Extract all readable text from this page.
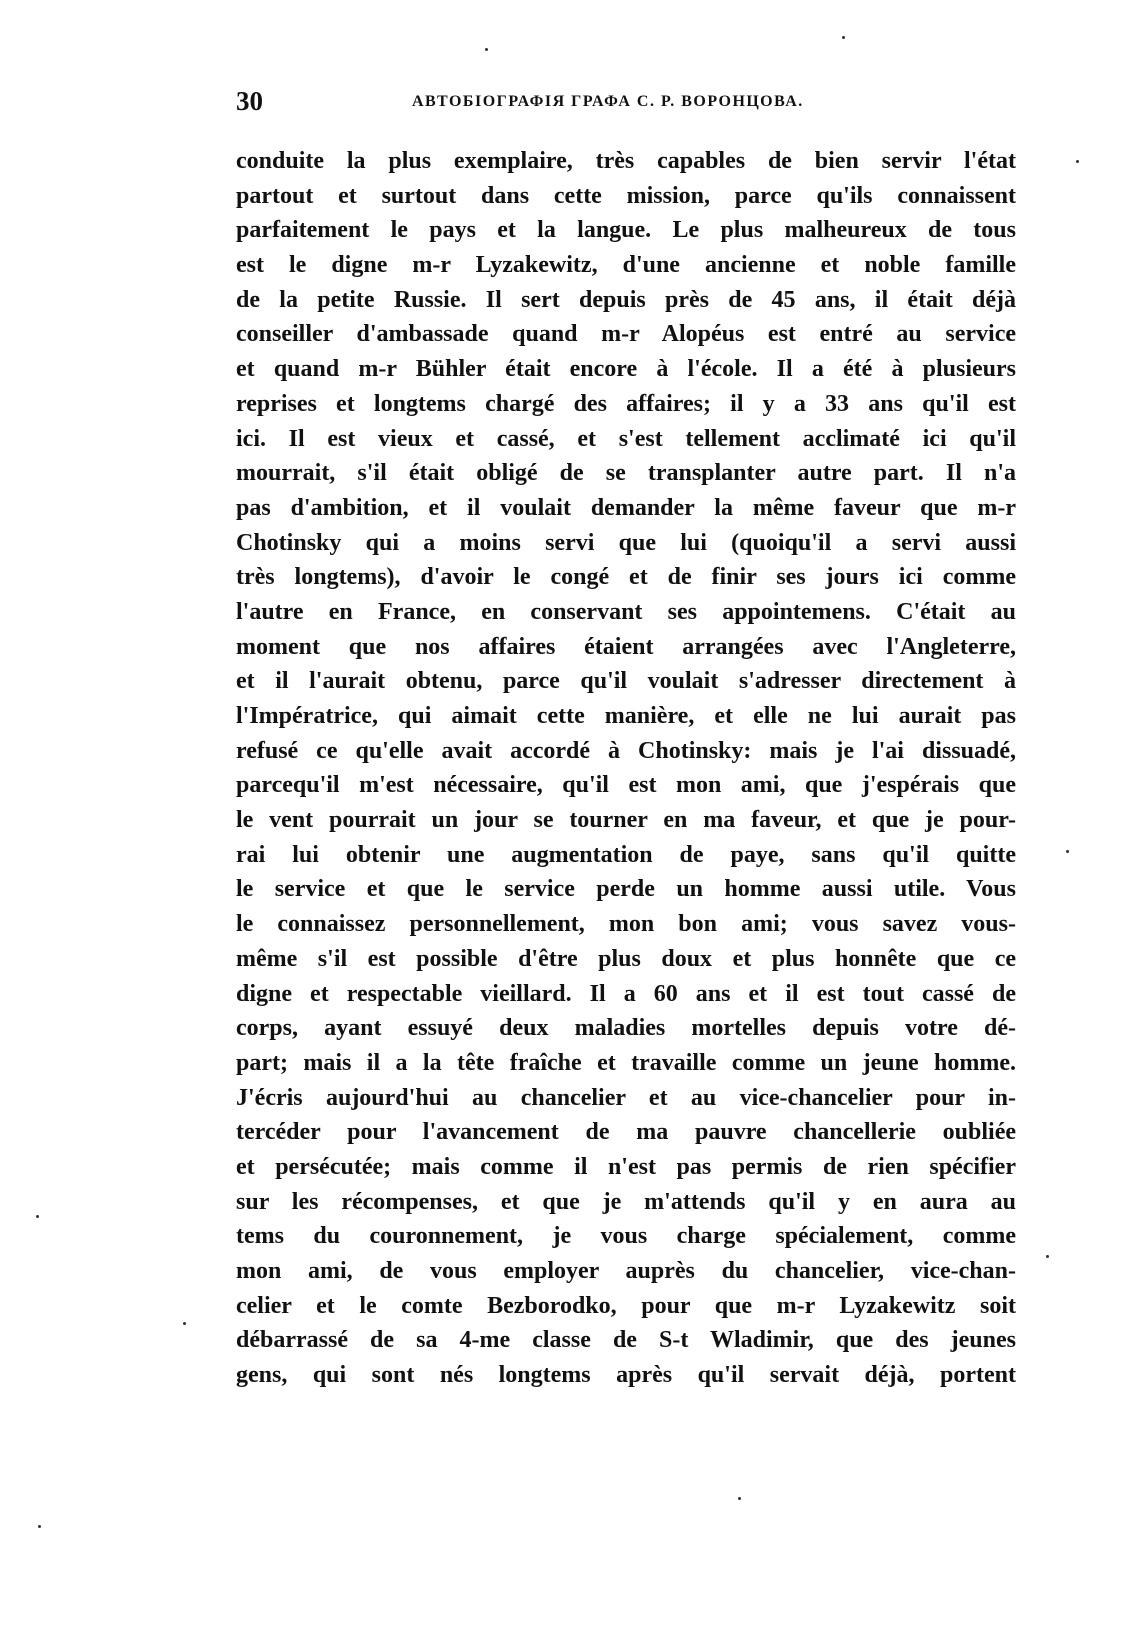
30	АВТОБIОГРАФIЯ ГРАФА С. Р. ВОРОНЦОВА.
conduite la plus exemplaire, très capables de bien servir l'état
partout et surtout dans cette mission, parce qu'ils connaissent
parfaitement le pays et la langue. Le plus malheureux de tous
est le digne m-r Lyzakewitz, d'une ancienne et noble famille
de la petite Russie. Il sert depuis près de 45 ans, il était déjà
conseiller d'ambassade quand m-r Alopéus est entré au service
et quand m-r Bühler était encore à l'école. Il a été à plusieurs
reprises et longtems chargé des affaires; il y a 33 ans qu'il est
ici. Il est vieux et cassé, et s'est tellement acclimaté ici qu'il
mourrait, s'il était obligé de se transplanter autre part. Il n'a
pas d'ambition, et il voulait demander la même faveur que m-r
Chotinsky qui a moins servi que lui (quoiqu'il a servi aussi
très longtems), d'avoir le congé et de finir ses jours ici comme
l'autre en France, en conservant ses appointemens. C'était au
moment que nos affaires étaient arrangées avec l'Angleterre,
et il l'aurait obtenu, parce qu'il voulait s'adresser directement à
l'Impératrice, qui aimait cette manière, et elle ne lui aurait pas
refusé ce qu'elle avait accordé à Chotinsky: mais je l'ai dissuadé,
parcequ'il m'est nécessaire, qu'il est mon ami, que j'espérais que
le vent pourrait un jour se tourner en ma faveur, et que je pour-
rai lui obtenir une augmentation de paye, sans qu'il quitte
le service et que le service perde un homme aussi utile. Vous
le connaissez personnellement, mon bon ami; vous savez vous-
même s'il est possible d'être plus doux et plus honnête que ce
digne et respectable vieillard. Il a 60 ans et il est tout cassé de
corps, ayant essuyé deux maladies mortelles depuis votre dé-
part; mais il a la tête fraîche et travaille comme un jeune homme.
J'écris aujourd'hui au chancelier et au vice-chancelier pour in-
tercéder pour l'avancement de ma pauvre chancellerie oubliée
et persécutée; mais comme il n'est pas permis de rien spécifier
sur les récompenses, et que je m'attends qu'il y en aura au
tems du couronnement, je vous charge spécialement, comme
mon ami, de vous employer auprès du chancelier, vice-chan-
celier et le comte Bezborodko, pour que m-r Lyzakewitz soit
débarrassé de sa 4-me classe de S-t Wladimir, que des jeunes
gens, qui sont nés longtems après qu'il servait déjà, portent
